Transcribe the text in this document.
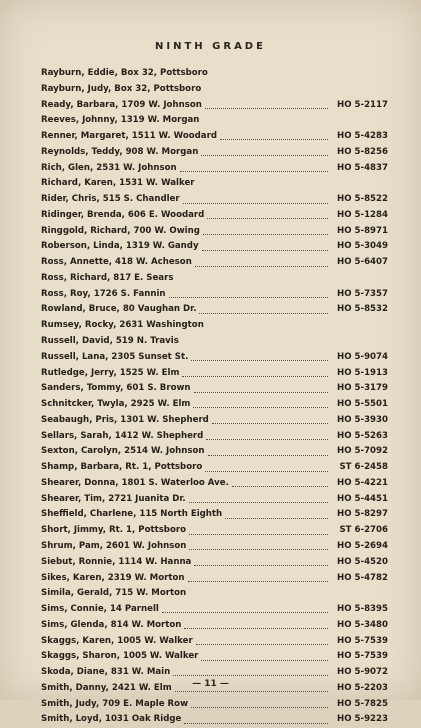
NINTH GRADE
Rayburn, Eddie, Box 32, Pottsboro
Rayburn, Judy, Box 32, Pottsboro
Ready, Barbara, 1709 W. Johnson	HO 5-2117
Reeves, Johnny, 1319 W. Morgan
Renner, Margaret, 1511 W. Woodard	HO 5-4283
Reynolds, Teddy, 908 W. Morgan	HO 5-8256
Rich, Glen, 2531 W. Johnson	HO 5-4837
Richard, Karen, 1531 W. Walker
Rider, Chris, 515 S. Chandler	HO 5-8522
Ridinger, Brenda, 606 E. Woodard	HO 5-1284
Ringgold, Richard, 700 W. Owing	HO 5-8971
Roberson, Linda, 1319 W. Gandy	HO 5-3049
Ross, Annette, 418 W. Acheson	HO 5-6407
Ross, Richard, 817 E. Sears
Ross, Roy, 1726 S. Fannin	HO 5-7357
Rowland, Bruce, 80 Vaughan Dr.	HO 5-8532
Rumsey, Rocky, 2631 Washington
Russell, David, 519 N. Travis
Russell, Lana, 2305 Sunset St.	HO 5-9074
Rutledge, Jerry, 1525 W. Elm	HO 5-1913
Sanders, Tommy, 601 S. Brown	HO 5-3179
Schnitcker, Twyla, 2925 W. Elm	HO 5-5501
Seabaugh, Pris, 1301 W. Shepherd	HO 5-3930
Sellars, Sarah, 1412 W. Shepherd	HO 5-5263
Sexton, Carolyn, 2514 W. Johnson	HO 5-7092
Shamp, Barbara, Rt. 1, Pottsboro	ST 6-2458
Shearer, Donna, 1801 S. Waterloo Ave.	HO 5-4221
Shearer, Tim, 2721 Juanita Dr.	HO 5-4451
Sheffield, Charlene, 115 North Eighth	HO 5-8297
Short, Jimmy, Rt. 1, Pottsboro	ST 6-2706
Shrum, Pam, 2601 W. Johnson	HO 5-2694
Siebut, Ronnie, 1114 W. Hanna	HO 5-4520
Sikes, Karen, 2319 W. Morton	HO 5-4782
Simila, Gerald, 715 W. Morton
Sims, Connie, 14 Parnell	HO 5-8395
Sims, Glenda, 814 W. Morton	HO 5-3480
Skaggs, Karen, 1005 W. Walker	HO 5-7539
Skaggs, Sharon, 1005 W. Walker	HO 5-7539
Skoda, Diane, 831 W. Main	HO 5-9072
Smith, Danny, 2421 W. Elm	HO 5-2203
Smith, Judy, 709 E. Maple Row	HO 5-7825
Smith, Loyd, 1031 Oak Ridge	HO 5-9223
— 11 —
